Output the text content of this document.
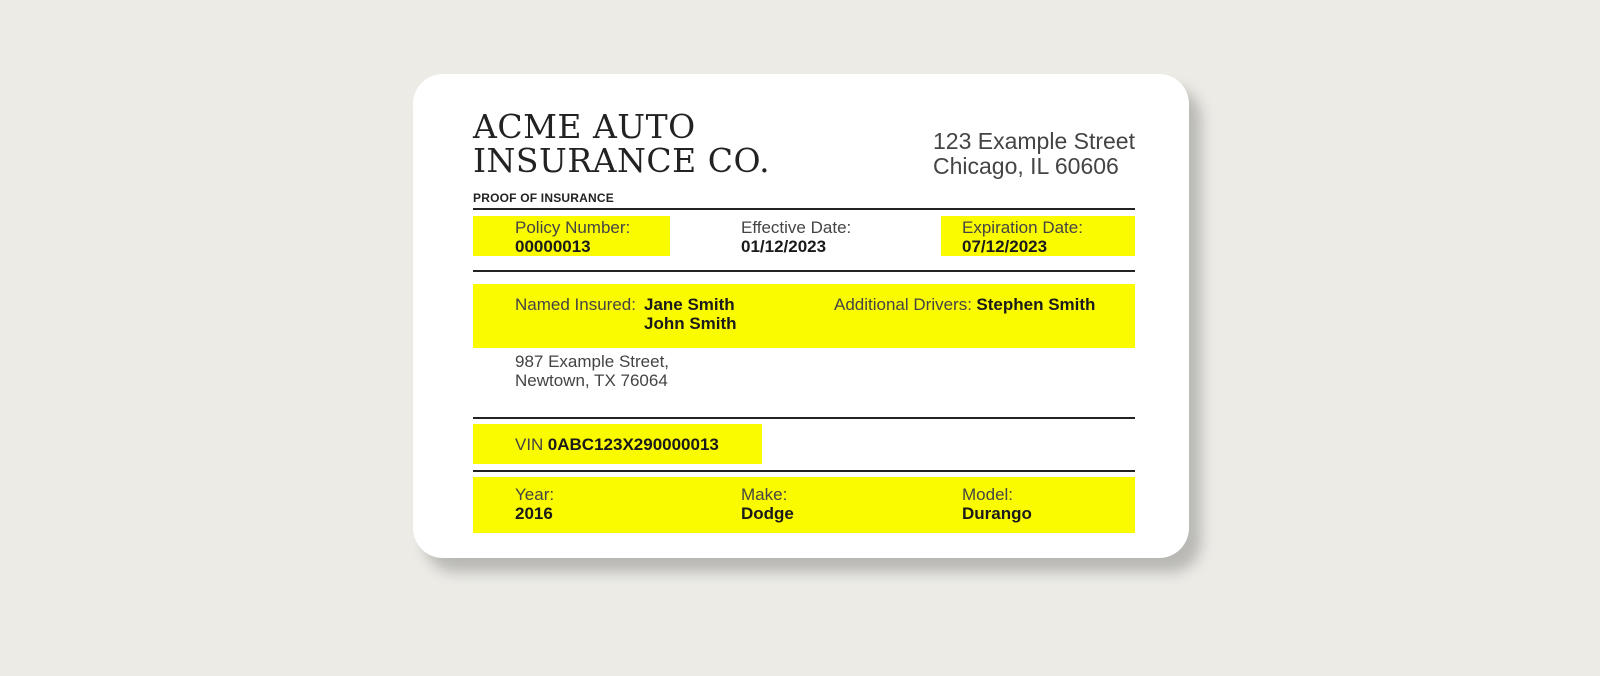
ACME AUTO
INSURANCE CO.	123 Example Street
Chicago, IL 60606
PROOF OF INSURANCE
Policy Number:
00000013
Effective Date:
01/12/2023
Expiration Date:
07/12/2023
Named Insured: Jane Smith
John Smith
Additional Drivers: Stephen Smith
987 Example Street,
Newtown, TX 76064
VIN 0ABC123X290000013
Year:
2016
Make:
Dodge
Model:
Durango
